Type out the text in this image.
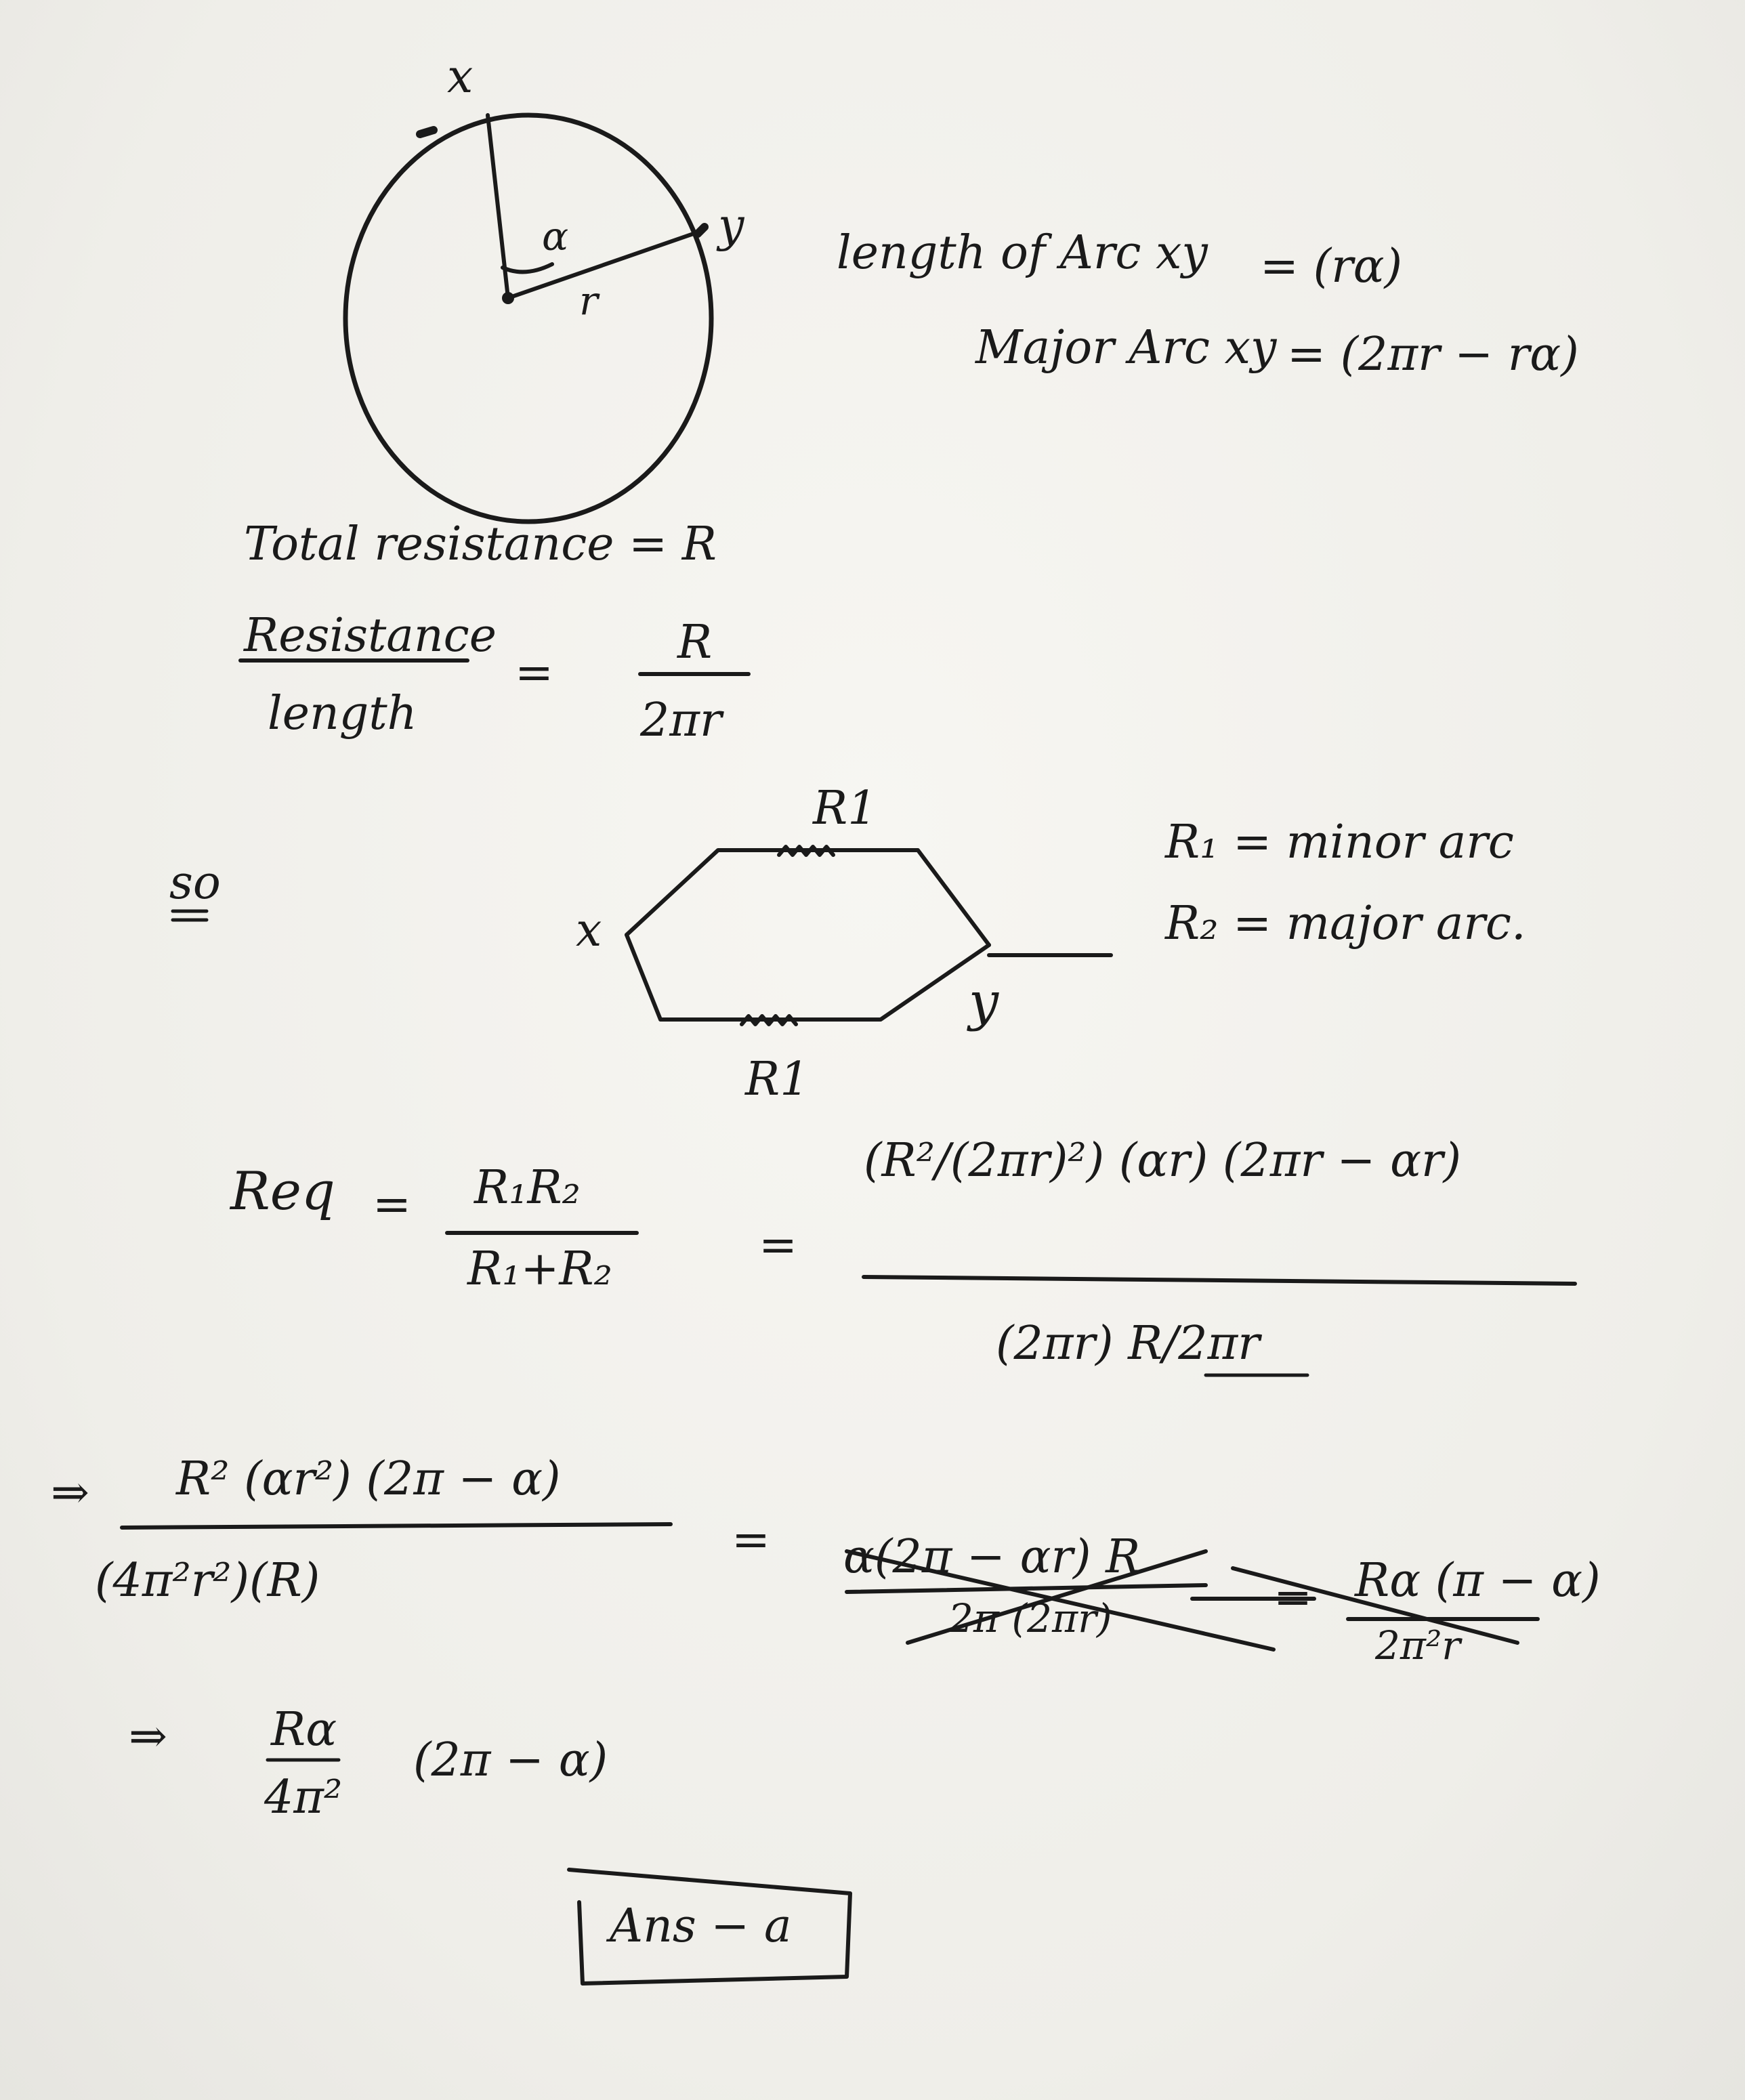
x
y
α
r
length of Arc xy = (rα)
Major Arc xy = (2πr − rα)
Total resistance = R
Resistance
length
=
R
2πr
so
R1
R1
x
y
R₁ = minor arc
R₂ = major arc.
Req = R₁R₂
R₁+R₂	=
(R²/(2πr)²) (αr) (2πr − αr)
(2πr) R/2πr
⇒ R² (αr²) (2π − α)
(4π²r²)(R)
= α(2π − αr) R
2π (2πr)	= Rα (π − α)
2π²r
⇒ Rα
4π²
(2π − α)
Ans − a
